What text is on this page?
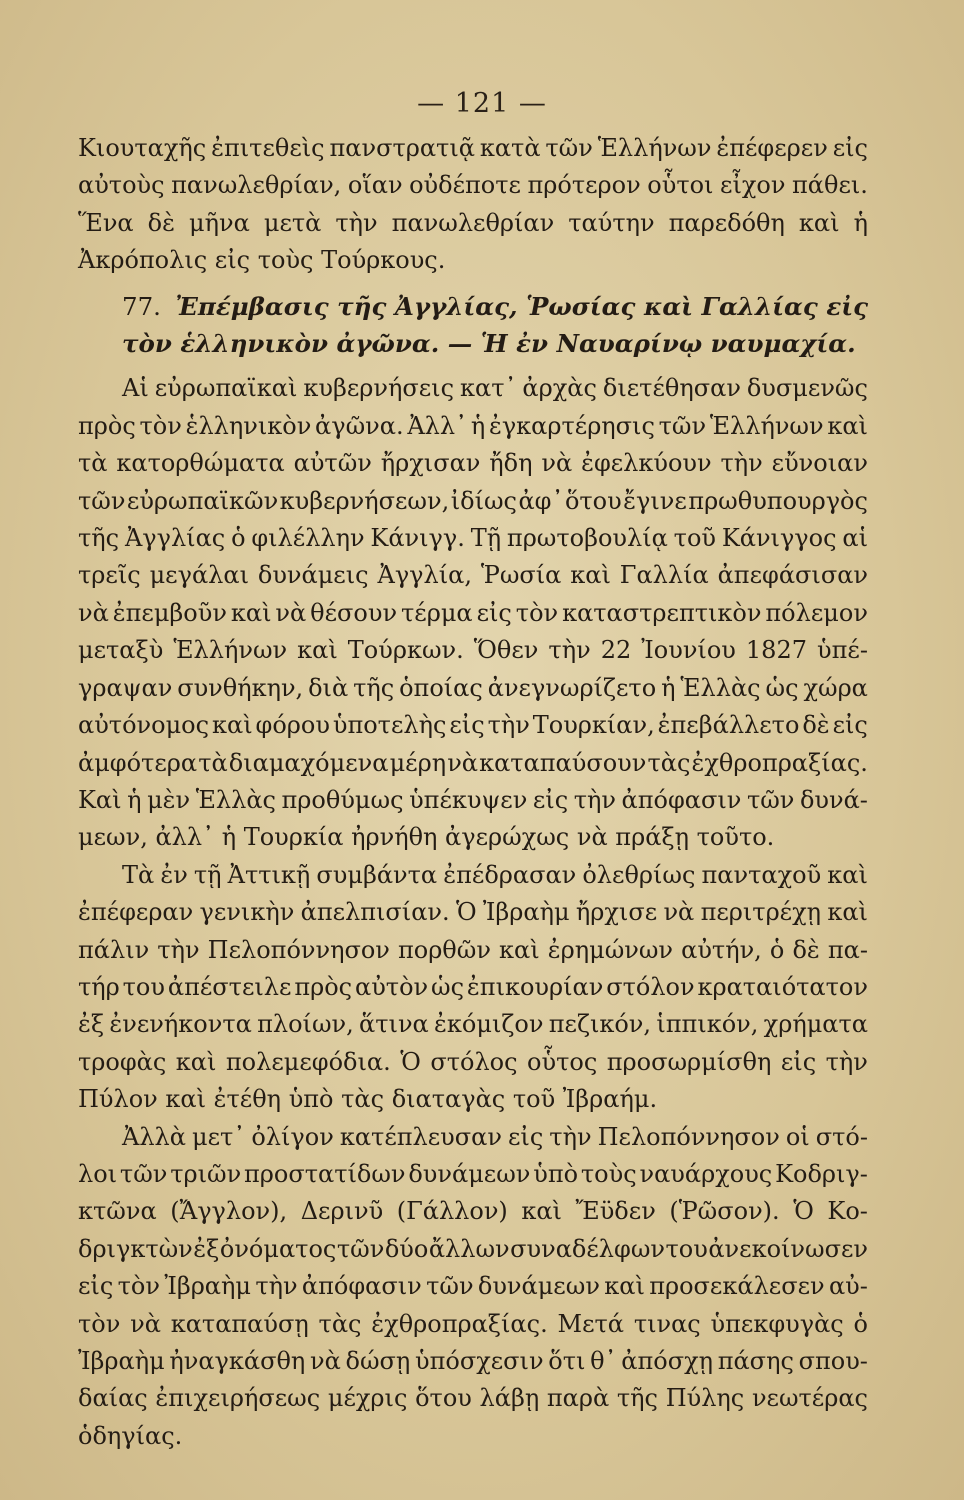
— 121 —
Κιουταχῆς ἐπιτεθεὶς πανστρατιᾷ κατὰ τῶν Ἑλλήνων ἐπέφερεν εἰς
αὐτοὺς πανωλεθρίαν, οἵαν οὐδέποτε πρότερον οὗτοι εἶχον πάθει.
Ἕνα δὲ μῆνα μετὰ τὴν πανωλεθρίαν ταύτην παρεδόθη καὶ ἡ
Ἀκρόπολις εἰς τοὺς Τούρκους.
77. Ἐπέμβασις τῆς Ἀγγλίας, Ῥωσίας καὶ Γαλλίας εἰς
τὸν ἑλληνικὸν ἀγῶνα. — Ἡ ἐν Ναυαρίνῳ ναυμαχία.
Αἱ εὐρωπαϊκαὶ κυβερνήσεις κατ᾽ ἀρχὰς διετέθησαν δυσμενῶς
πρὸς τὸν ἑλληνικὸν ἀγῶνα. Ἀλλ᾽ ἡ ἐγκαρτέρησις τῶν Ἑλλήνων καὶ
τὰ κατορθώματα αὐτῶν ἤρχισαν ἤδη νὰ ἐφελκύουν τὴν εὔνοιαν
τῶν εὐρωπαϊκῶν κυβερνήσεων, ἰδίως ἀφ᾽ ὅτου ἔγινε πρωθυπουργὸς
τῆς Ἀγγλίας ὁ φιλέλλην Κάνιγγ. Τῇ πρωτοβουλίᾳ τοῦ Κάνιγγος αἱ
τρεῖς μεγάλαι δυνάμεις Ἀγγλία, Ῥωσία καὶ Γαλλία ἀπεφάσισαν
νὰ ἐπεμβοῦν καὶ νὰ θέσουν τέρμα εἰς τὸν καταστρεπτικὸν πόλεμον
μεταξὺ Ἑλλήνων καὶ Τούρκων. Ὅθεν τὴν 22 Ἰουνίου 1827 ὑπέ-
γραψαν συνθήκην, διὰ τῆς ὁποίας ἀνεγνωρίζετο ἡ Ἑλλὰς ὡς χώρα
αὐτόνομος καὶ φόρου ὑποτελὴς εἰς τὴν Τουρκίαν, ἐπεβάλλετο δὲ εἰς
ἀμφότερα τὰ διαμαχόμενα μέρη νὰ καταπαύσουν τὰς ἐχθροπραξίας.
Καὶ ἡ μὲν Ἑλλὰς προθύμως ὑπέκυψεν εἰς τὴν ἀπόφασιν τῶν δυνά-
μεων, ἀλλ᾽ ἡ Τουρκία ἠρνήθη ἀγερώχως νὰ πράξῃ τοῦτο.
Τὰ ἐν τῇ Ἀττικῇ συμβάντα ἐπέδρασαν ὀλεθρίως πανταχοῦ καὶ
ἐπέφεραν γενικὴν ἀπελπισίαν. Ὁ Ἰβραὴμ ἤρχισε νὰ περιτρέχῃ καὶ
πάλιν τὴν Πελοπόννησον πορθῶν καὶ ἐρημώνων αὐτήν, ὁ δὲ πα-
τήρ του ἀπέστειλε πρὸς αὐτὸν ὡς ἐπικουρίαν στόλον κραταιότατον
ἐξ ἐνενήκοντα πλοίων, ἅτινα ἐκόμιζον πεζικόν, ἱππικόν, χρήματα
τροφὰς καὶ πολεμεφόδια. Ὁ στόλος οὗτος προσωρμίσθη εἰς τὴν
Πύλον καὶ ἐτέθη ὑπὸ τὰς διαταγὰς τοῦ Ἰβραήμ.
Ἀλλὰ μετ᾽ ὀλίγον κατέπλευσαν εἰς τὴν Πελοπόννησον οἱ στό-
λοι τῶν τριῶν προστατίδων δυνάμεων ὑπὸ τοὺς ναυάρχους Κοδριγ-
κτῶνα (Ἄγγλον), Δερινῦ (Γάλλον) καὶ Ἔϋδεν (Ῥῶσον). Ὁ Κο-
δριγκτὼν ἐξ ὀνόματος τῶν δύο ἄλλων συναδέλφων του ἀνεκοίνωσεν
εἰς τὸν Ἰβραὴμ τὴν ἀπόφασιν τῶν δυνάμεων καὶ προσεκάλεσεν αὐ-
τὸν νὰ καταπαύσῃ τὰς ἐχθροπραξίας. Μετά τινας ὑπεκφυγὰς ὁ
Ἰβραὴμ ἠναγκάσθη νὰ δώσῃ ὑπόσχεσιν ὅτι θ᾽ ἀπόσχῃ πάσης σπου-
δαίας ἐπιχειρήσεως μέχρις ὅτου λάβῃ παρὰ τῆς Πύλης νεωτέρας
ὁδηγίας.
